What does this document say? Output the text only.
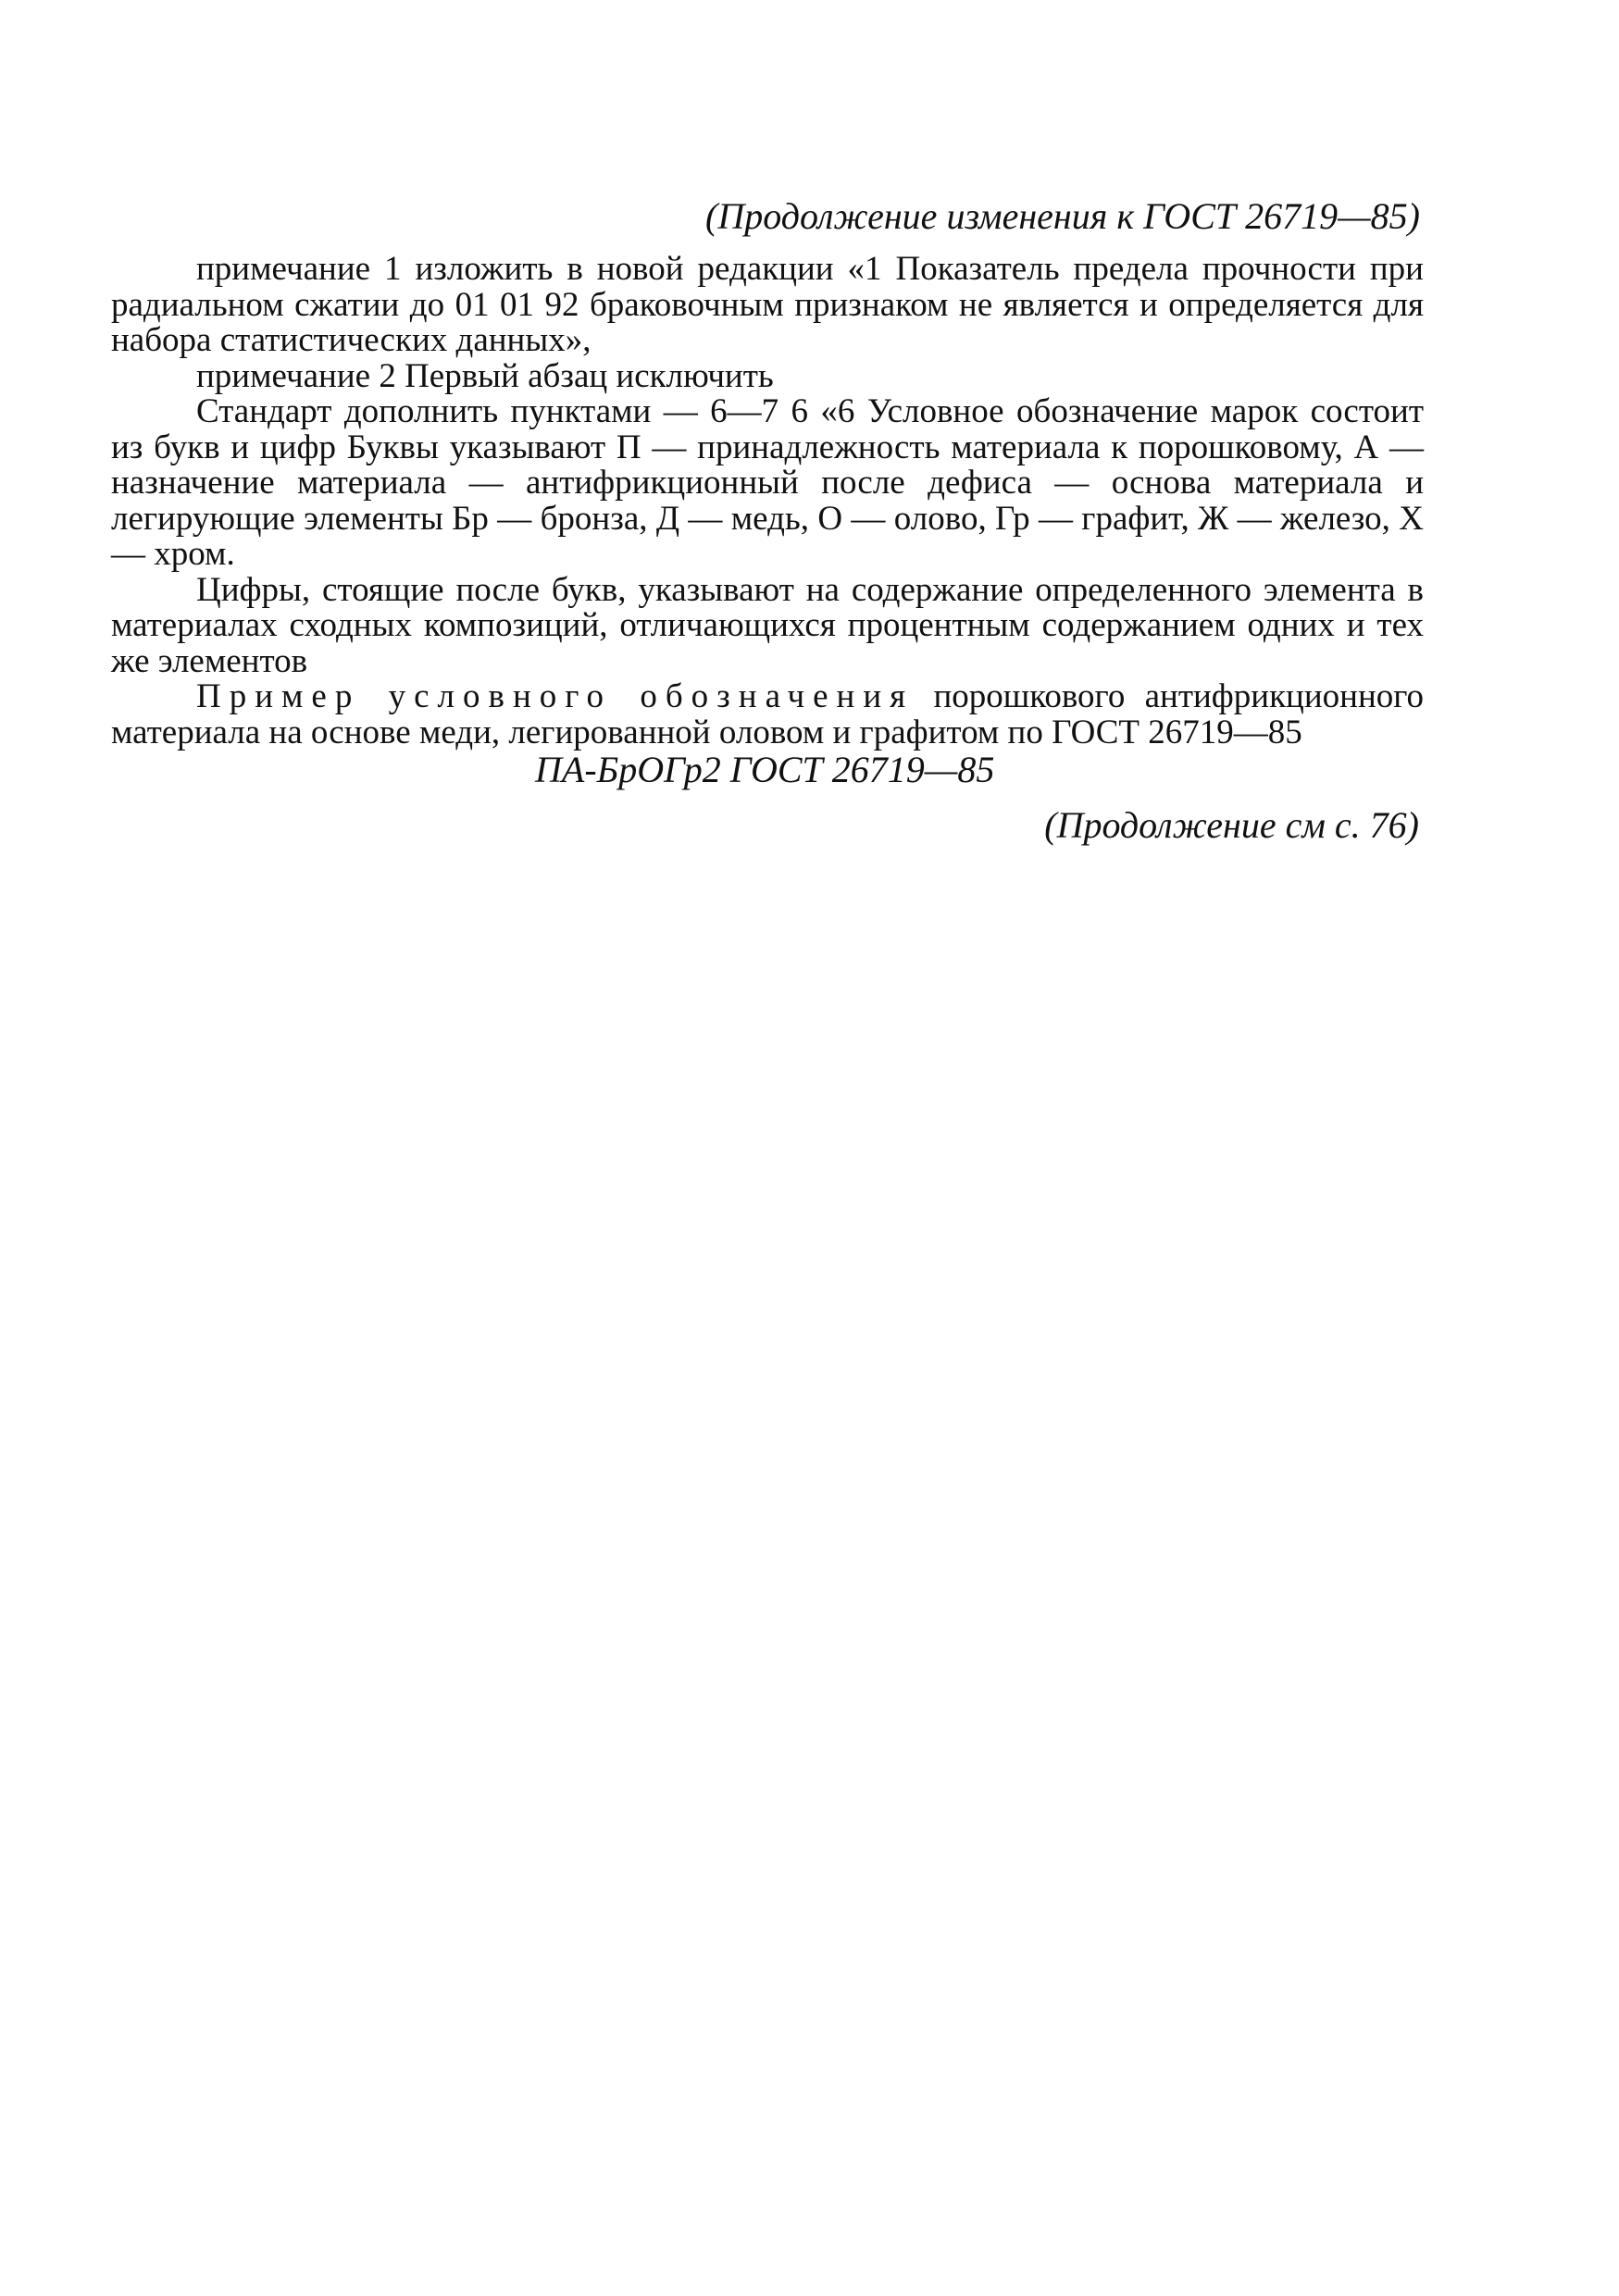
(Продолжение изменения к ГОСТ 26719—85)

примечание 1 изложить в новой редакции «1 Показатель предела прочности при радиальном сжатии до 01 01 92 браковочным признаком не является и определяется для набора статистических данных»,

примечание 2 Первый абзац исключить

Стандарт дополнить пунктами — 6—7 6 «6 Условное обозначение марок состоит из букв и цифр Буквы указывают П — принадлежность материала к порошковому, А — назначение материала — антифрикционный после дефиса — основа материала и легирующие элементы Бр — бронза, Д — медь, О — олово, Гр — графит, Ж — железо, Х — хром.

Цифры, стоящие после букв, указывают на содержание определенного элемента в материалах сходных композиций, отличающихся процентным содержанием одних и тех же элементов

Пример условного обозначения порошкового антифрикционного материала на основе меди, легированной оловом и графитом по ГОСТ 26719—85

ПА-БрОГр2 ГОСТ 26719—85
(Продолжение см с. 76)
